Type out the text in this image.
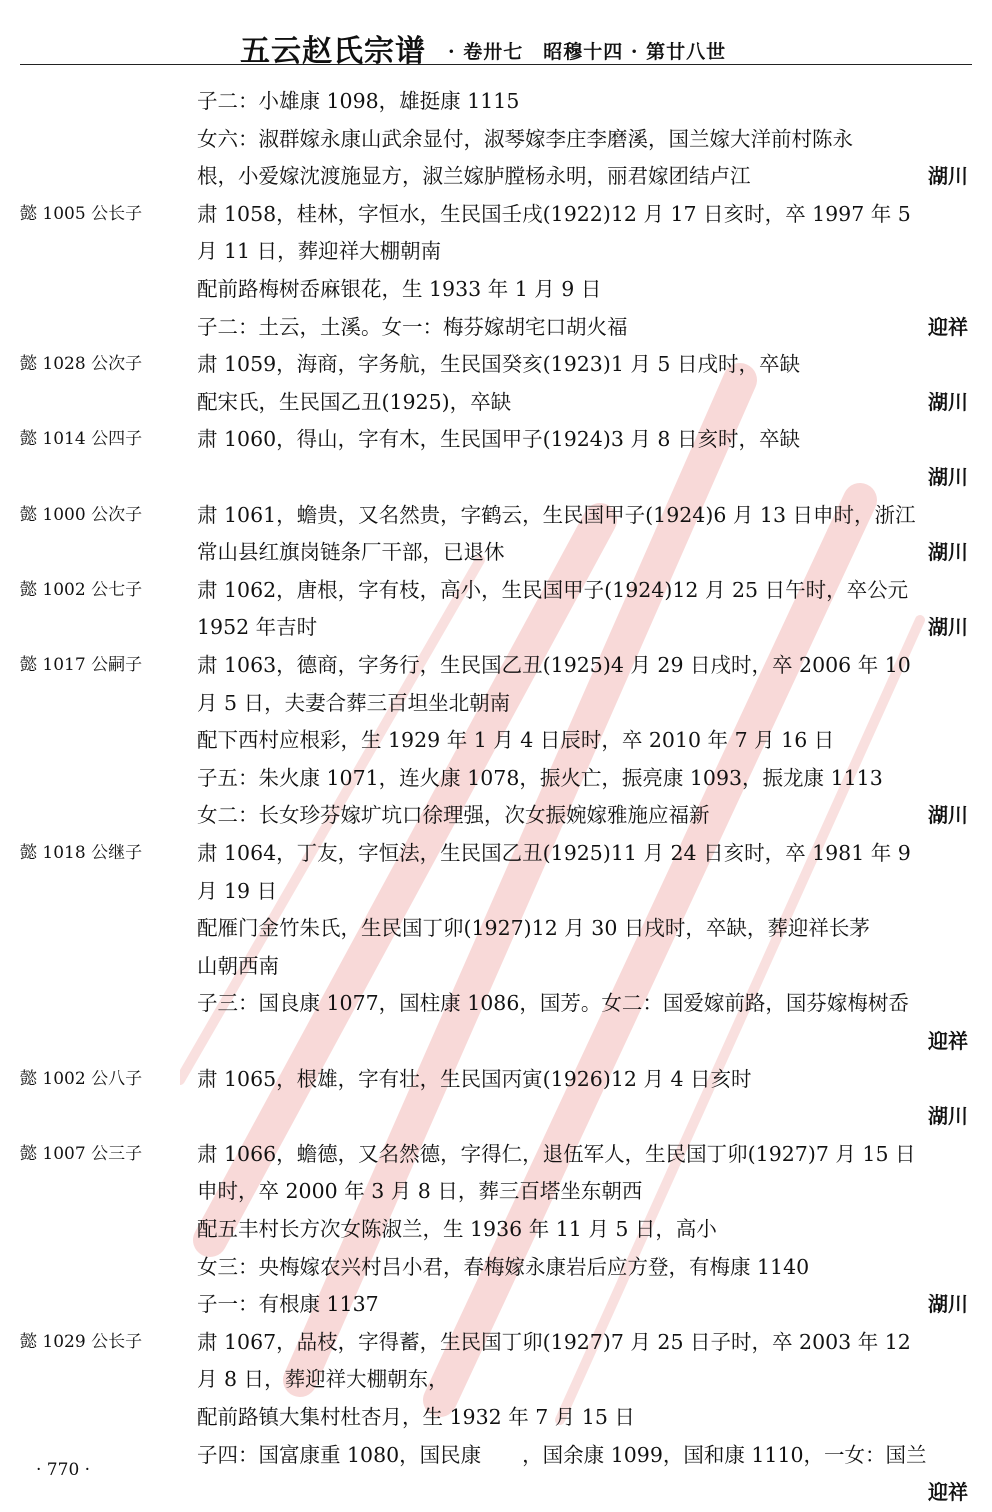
五云赵氏宗谱 · 卷卅七　昭穆十四 · 第廿八世
子二：小雄康 1098，雄挺康 1115
女六：淑群嫁永康山武余显付，淑琴嫁李庄李磨溪，国兰嫁大洋前村陈永
根，小爱嫁沈渡施显方，淑兰嫁胪膛杨永明，丽君嫁团结卢江	湖川
懿 1005 公长子	肃 1058，桂林，字恒水，生民国壬戌(1922)12 月 17 日亥时，卒 1997 年 5
月 11 日，葬迎祥大棚朝南
配前路梅树岙麻银花，生 1933 年 1 月 9 日
子二：土云，土溪。女一：梅芬嫁胡宅口胡火福	迎祥
懿 1028 公次子	肃 1059，海商，字务航，生民国癸亥(1923)1 月 5 日戌时，卒缺
配宋氏，生民国乙丑(1925)，卒缺	湖川
懿 1014 公四子	肃 1060，得山，字有木，生民国甲子(1924)3 月 8 日亥时，卒缺
湖川
懿 1000 公次子	肃 1061，蟾贵，又名然贵，字鹤云，生民国甲子(1924)6 月 13 日申时，浙江
常山县红旗岗链条厂干部，已退休	湖川
懿 1002 公七子	肃 1062，唐根，字有枝，高小，生民国甲子(1924)12 月 25 日午时，卒公元
1952 年吉时	湖川
懿 1017 公嗣子	肃 1063，德商，字务行，生民国乙丑(1925)4 月 29 日戌时，卒 2006 年 10
月 5 日，夫妻合葬三百坦坐北朝南
配下西村应根彩，生 1929 年 1 月 4 日辰时，卒 2010 年 7 月 16 日
子五：朱火康 1071，连火康 1078，振火亡，振亮康 1093，振龙康 1113
女二：长女珍芬嫁圹坑口徐理强，次女振婉嫁雅施应福新	湖川
懿 1018 公继子	肃 1064，丁友，字恒法，生民国乙丑(1925)11 月 24 日亥时，卒 1981 年 9
月 19 日
配雁门金竹朱氏，生民国丁卯(1927)12 月 30 日戌时，卒缺，葬迎祥长茅
山朝西南
子三：国良康 1077，国柱康 1086，国芳。女二：国爱嫁前路，国芬嫁梅树岙
迎祥
懿 1002 公八子	肃 1065，根雄，字有壮，生民国丙寅(1926)12 月 4 日亥时
湖川
懿 1007 公三子	肃 1066，蟾德，又名然德，字得仁，退伍军人，生民国丁卯(1927)7 月 15 日
申时，卒 2000 年 3 月 8 日，葬三百塔坐东朝西
配五丰村长方次女陈淑兰，生 1936 年 11 月 5 日，高小
女三：央梅嫁农兴村吕小君，春梅嫁永康岩后应方登，有梅康 1140
子一：有根康 1137	湖川
懿 1029 公长子	肃 1067，品枝，字得蓄，生民国丁卯(1927)7 月 25 日子时，卒 2003 年 12
月 8 日，葬迎祥大棚朝东，
配前路镇大集村杜杏月，生 1932 年 7 月 15 日
子四：国富康重 1080，国民康　　，国余康 1099，国和康 1110，一女：国兰
迎祥
· 770 ·
